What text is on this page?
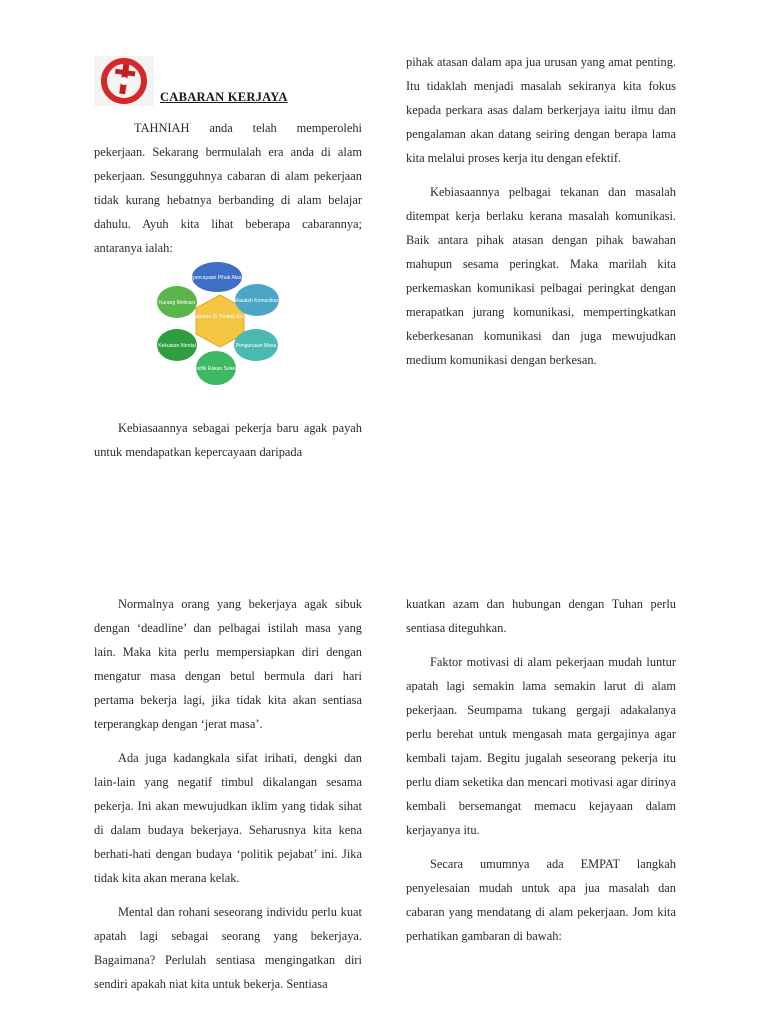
CABARAN KERJAYA

TAHNIAH anda telah memperolehi pekerjaan. Sekarang bermulalah era anda di alam pekerjaan. Sesungguhnya cabaran di alam pekerjaan tidak kurang hebatnya berbanding di alam belajar dahulu. Ayuh kita lihat beberapa cabarannya; antaranya ialah:

Kebiasaannya sebagai pekerja baru agak payah untuk mendapatkan kepercayaan daripada

Cabaran Di Tempat Kerja
Kepercayaan Pihak Atasan
Masalah Komunikasi
Pengurusan Masa
Konflik Rakan Sekerja
Kekuatan Mental
Kurang Motivasi

pihak atasan dalam apa jua urusan yang amat penting. Itu tidaklah menjadi masalah sekiranya kita fokus kepada perkara asas dalam berkerjaya iaitu ilmu dan pengalaman akan datang seiring dengan berapa lama kita melalui proses kerja itu dengan efektif.

Kebiasaannya pelbagai tekanan dan masalah ditempat kerja berlaku kerana masalah komunikasi. Baik antara pihak atasan dengan pihak bawahan mahupun sesama peringkat. Maka marilah kita perkemaskan komunikasi pelbagai peringkat dengan merapatkan jurang komunikasi, mempertingkatkan keberkesanan komunikasi dan juga mewujudkan medium komunikasi dengan berkesan.

Normalnya orang yang bekerjaya agak sibuk dengan ‘deadline’ dan pelbagai istilah masa yang lain. Maka kita perlu mempersiapkan diri dengan mengatur masa dengan betul bermula dari hari pertama bekerja lagi, jika tidak kita akan sentiasa terperangkap dengan ‘jerat masa’.

Ada juga kadangkala sifat irihati, dengki dan lain-lain yang negatif timbul dikalangan sesama pekerja. Ini akan mewujudkan iklim yang tidak sihat di dalam budaya bekerjaya. Seharusnya kita kena berhati-hati dengan budaya ‘politik pejabat’ ini. Jika tidak kita akan merana kelak.

Mental dan rohani seseorang individu perlu kuat apatah lagi sebagai seorang yang bekerjaya. Bagaimana? Perlulah sentiasa mengingatkan diri sendiri apakah niat kita untuk bekerja. Sentiasa

kuatkan azam dan hubungan dengan Tuhan perlu sentiasa diteguhkan.

Faktor motivasi di alam pekerjaan mudah luntur apatah lagi semakin lama semakin larut di alam pekerjaan. Seumpama tukang gergaji adakalanya perlu berehat untuk mengasah mata gergajinya agar kembali tajam. Begitu jugalah seseorang pekerja itu perlu diam seketika dan mencari motivasi agar dirinya kembali bersemangat memacu kejayaan dalam kerjayanya itu.

Secara umumnya ada EMPAT langkah penyelesaian mudah untuk apa jua masalah dan cabaran yang mendatang di alam pekerjaan. Jom kita perhatikan gambaran di bawah:
